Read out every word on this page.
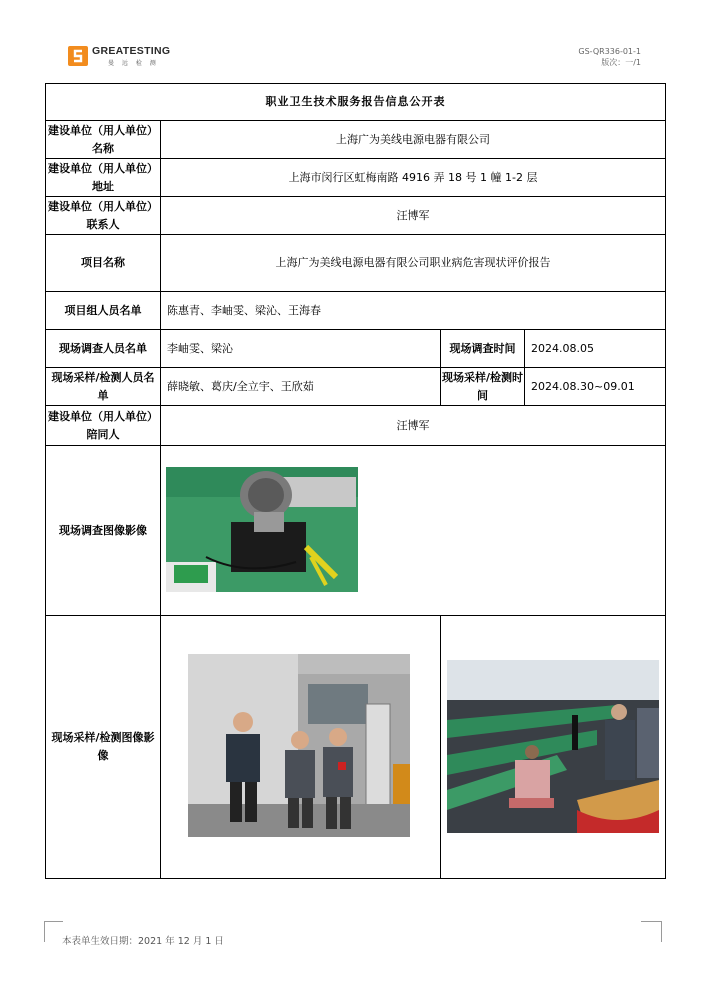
GREATESTING
曼 远 检 测
GS-QR336-01-1
版次：一/1
职业卫生技术服务报告信息公开表			
建设单位（用人单位）名称	上海广为美线电源电器有限公司		
建设单位（用人单位）地址	上海市闵行区虹梅南路 4916 弄 18 号 1 幢 1-2 层		
建设单位（用人单位）联系人	汪博军		
项目名称	上海广为美线电源电器有限公司职业病危害现状评价报告		
项目组人员名单	陈惠青、李岫雯、梁沁、王海春		
现场调查人员名单	李岫雯、梁沁	现场调查时间	2024.08.05
现场采样/检测人员名单	薛晓敏、葛庆/全立宇、王欣茹	现场采样/检测时间	2024.08.30~09.01
建设单位（用人单位）陪同人	汪博军		
现场调查图像影像	

现场采样/检测图像影像	

本表单生效日期：2021 年 12 月 1 日
